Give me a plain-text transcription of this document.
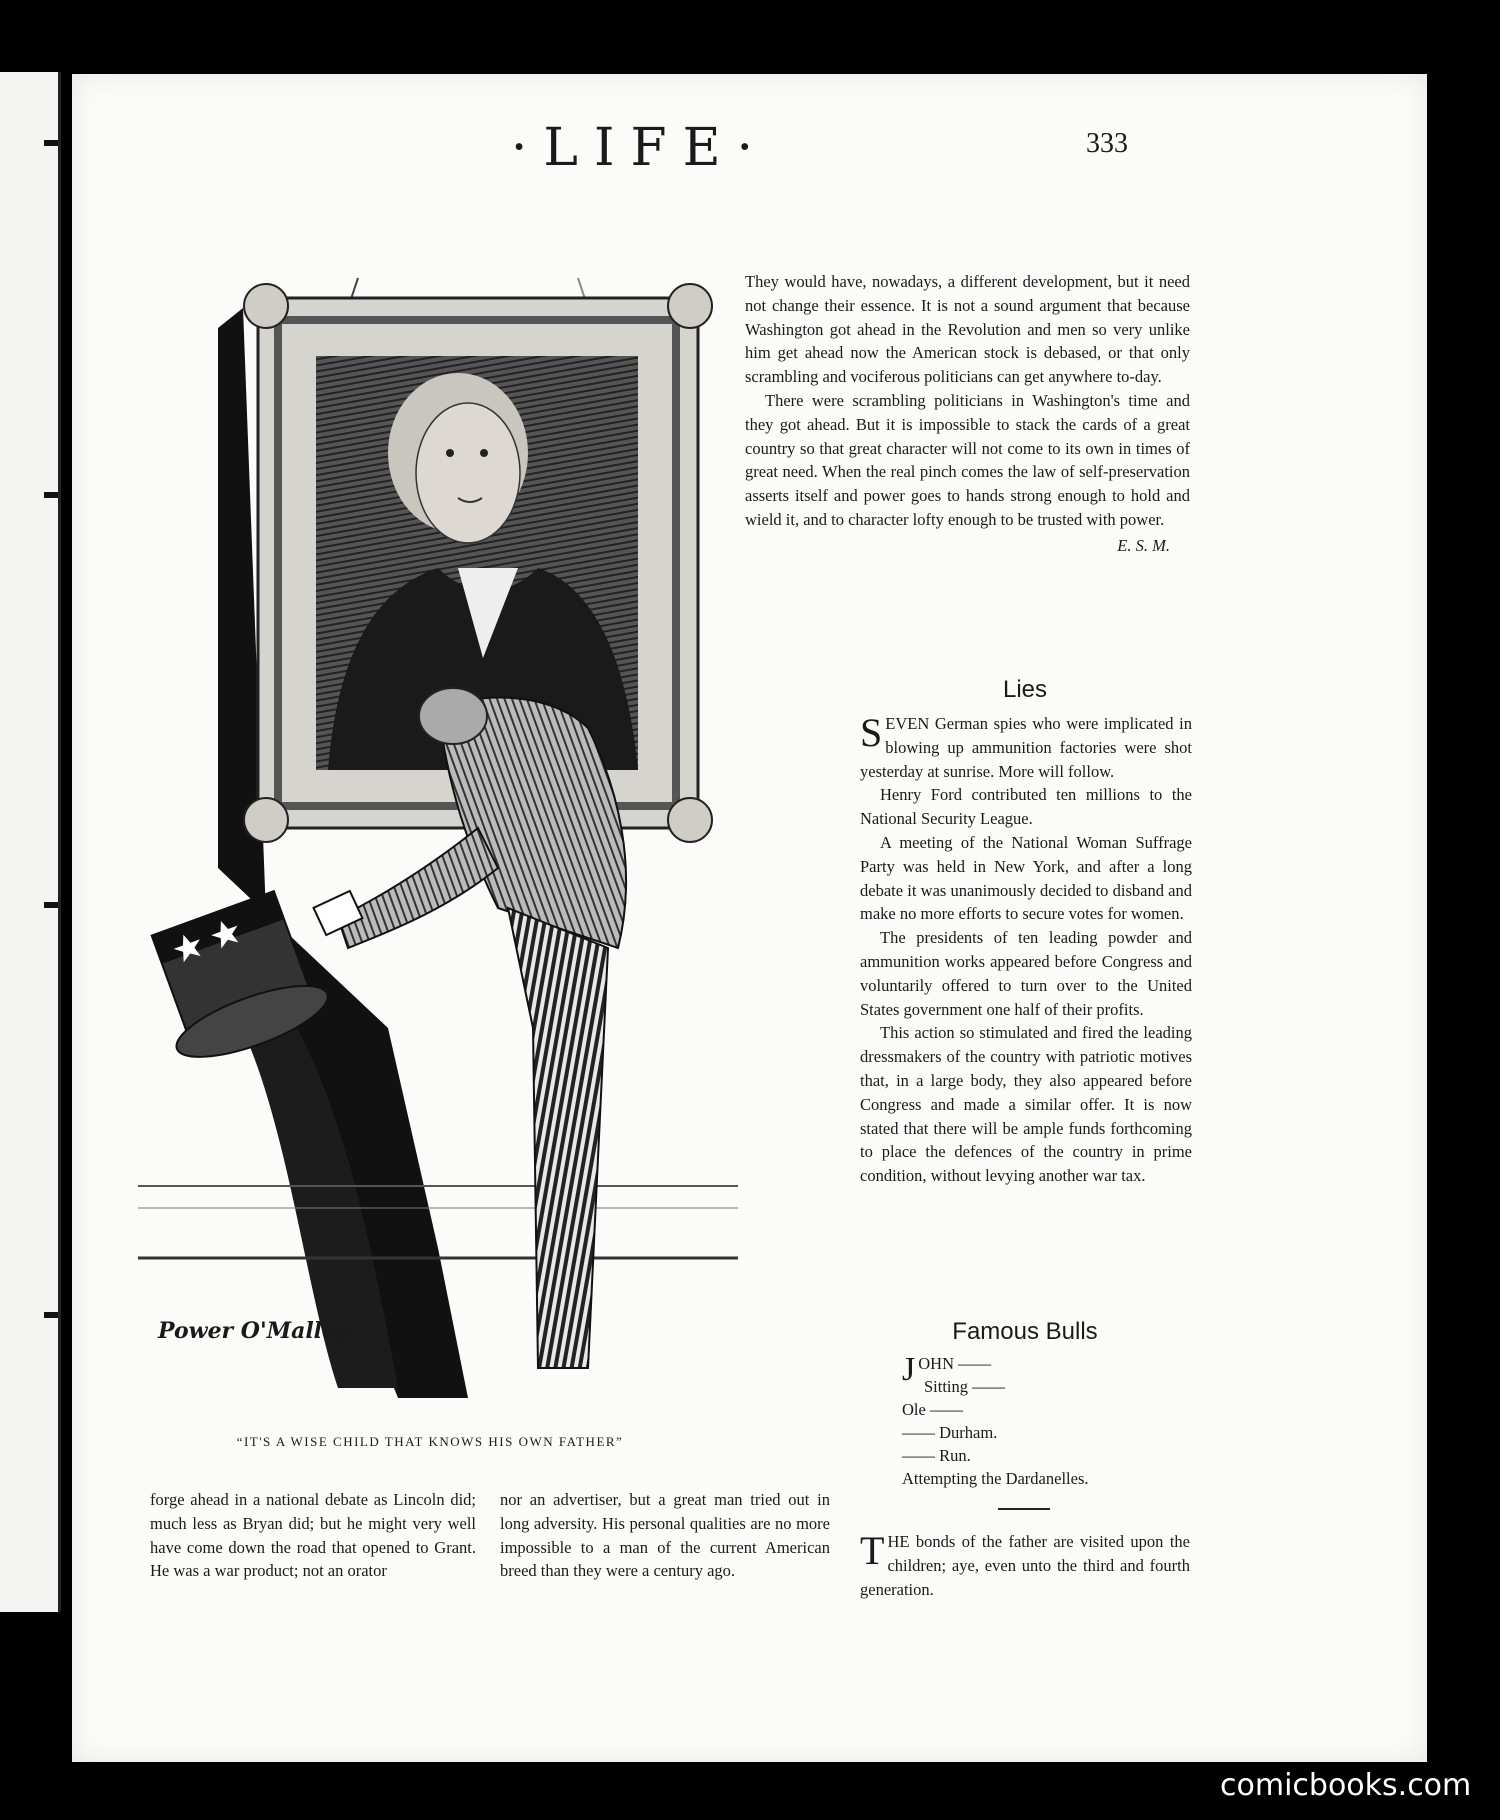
·LIFE·	333
Power O'Malley
“IT'S A WISE CHILD THAT KNOWS HIS OWN FATHER”

They would have, nowadays, a different development, but it need not change their essence. It is not a sound argument that because Washington got ahead in the Revolution and men so very unlike him get ahead now the American stock is debased, or that only scrambling and vociferous politicians can get anywhere to-day.

There were scrambling politicians in Washington's time and they got ahead. But it is impossible to stack the cards of a great country so that great character will not come to its own in times of great need. When the real pinch comes the law of self-preservation asserts itself and power goes to hands strong enough to hold and wield it, and to character lofty enough to be trusted with power.

E. S. M.
Lies

SEVEN German spies who were implicated in blowing up ammunition factories were shot yesterday at sunrise. More will follow.

Henry Ford contributed ten millions to the National Security League.

A meeting of the National Woman Suffrage Party was held in New York, and after a long debate it was unanimously decided to disband and make no more efforts to secure votes for women.

The presidents of ten leading powder and ammunition works appeared before Congress and voluntarily offered to turn over to the United States government one half of their profits.

This action so stimulated and fired the leading dressmakers of the country with patriotic motives that, in a large body, they also appeared before Congress and made a similar offer. It is now stated that there will be ample funds forthcoming to place the defences of the country in prime condition, without levying another war tax.

Famous Bulls
JOHN ——
Sitting ——
Ole ——
—— Durham.
—— Run.
Attempting the Dardanelles.

THE bonds of the father are visited upon the children; aye, even unto the third and fourth generation.

forge ahead in a national debate as Lincoln did; much less as Bryan did; but he might very well have come down the road that opened to Grant. He was a war product; not an orator

nor an advertiser, but a great man tried out in long adversity. His personal qualities are no more impossible to a man of the current American breed than they were a century ago.

comicbooks.com
